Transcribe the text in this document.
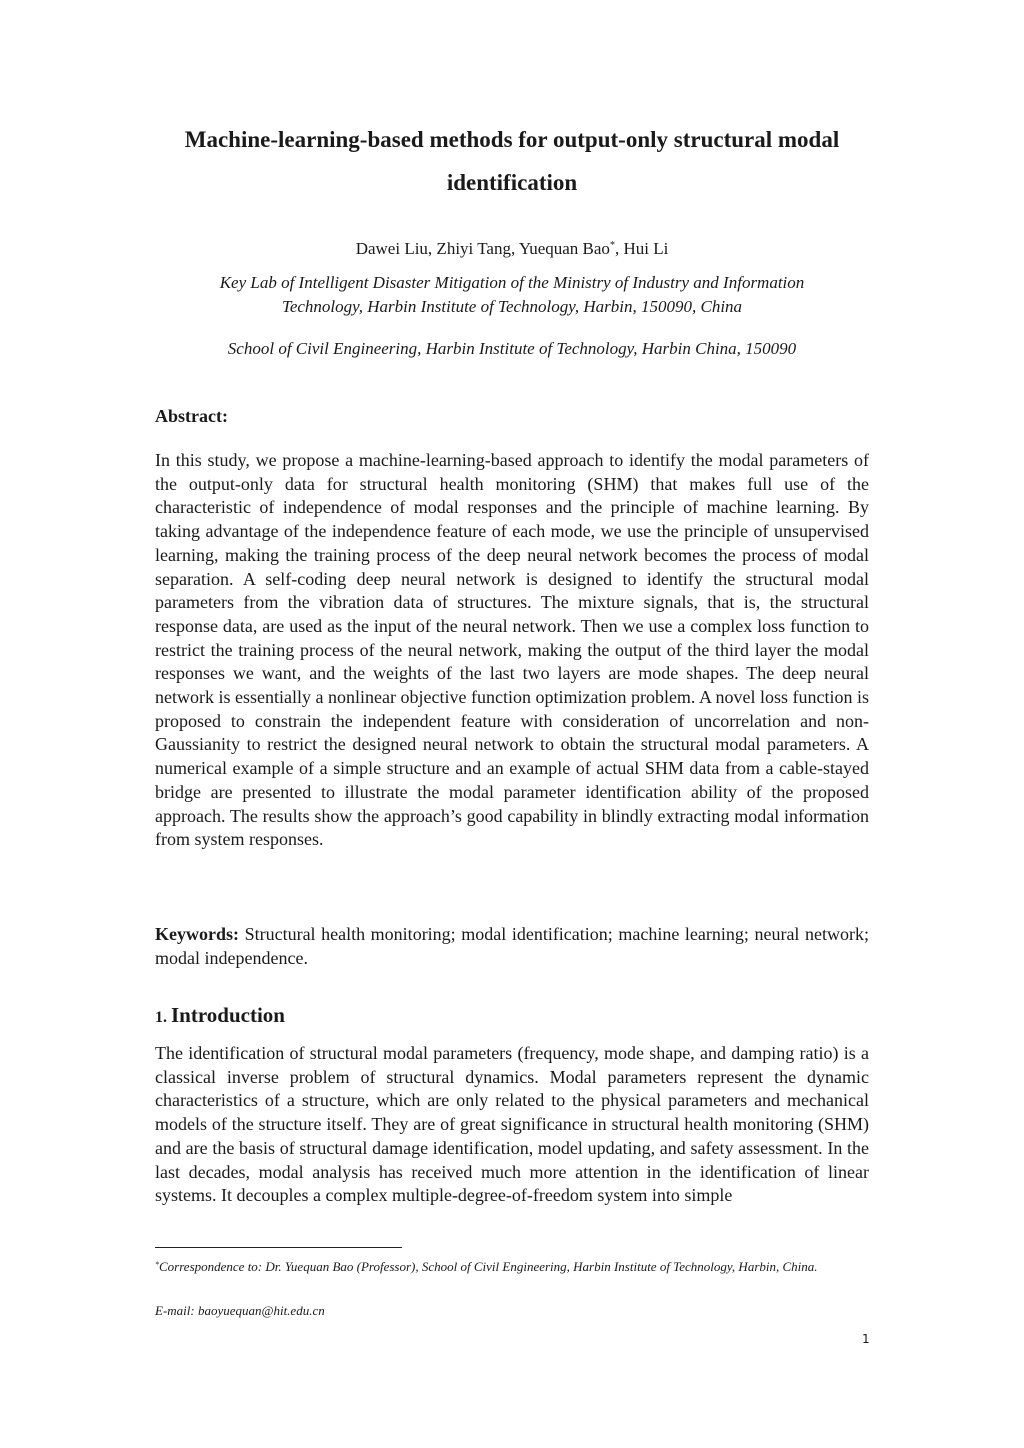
Machine-learning-based methods for output-only structural modal
identification
Dawei Liu, Zhiyi Tang, Yuequan Bao*, Hui Li
Key Lab of Intelligent Disaster Mitigation of the Ministry of Industry and Information
Technology, Harbin Institute of Technology, Harbin, 150090, China
School of Civil Engineering, Harbin Institute of Technology, Harbin China, 150090
Abstract:

In this study, we propose a machine-learning-based approach to identify the modal parameters of the output-only data for structural health monitoring (SHM) that makes full use of the characteristic of independence of modal responses and the principle of machine learning. By taking advantage of the independence feature of each mode, we use the principle of unsupervised learning, making the training process of the deep neural network becomes the process of modal separation. A self-coding deep neural network is designed to identify the structural modal parameters from the vibration data of structures. The mixture signals, that is, the structural response data, are used as the input of the neural network. Then we use a complex loss function to restrict the training process of the neural network, making the output of the third layer the modal responses we want, and the weights of the last two layers are mode shapes. The deep neural network is essentially a nonlinear objective function optimization problem. A novel loss function is proposed to constrain the independent feature with consideration of uncorrelation and non-Gaussianity to restrict the designed neural network to obtain the structural modal parameters. A numerical example of a simple structure and an example of actual SHM data from a cable-stayed bridge are presented to illustrate the modal parameter identification ability of the proposed approach. The results show the approach’s good capability in blindly extracting modal information from system responses.

Keywords: Structural health monitoring; modal identification; machine learning; neural network; modal independence.

1. Introduction

The identification of structural modal parameters (frequency, mode shape, and damping ratio) is a classical inverse problem of structural dynamics. Modal parameters represent the dynamic characteristics of a structure, which are only related to the physical parameters and mechanical models of the structure itself. They are of great significance in structural health monitoring (SHM) and are the basis of structural damage identification, model updating, and safety assessment. In the last decades, modal analysis has received much more attention in the identification of linear systems. It decouples a complex multiple-degree-of-freedom system into simple

*Correspondence to: Dr. Yuequan Bao (Professor), School of Civil Engineering, Harbin Institute of Technology, Harbin, China.

E-mail: baoyuequan@hit.edu.cn

1
